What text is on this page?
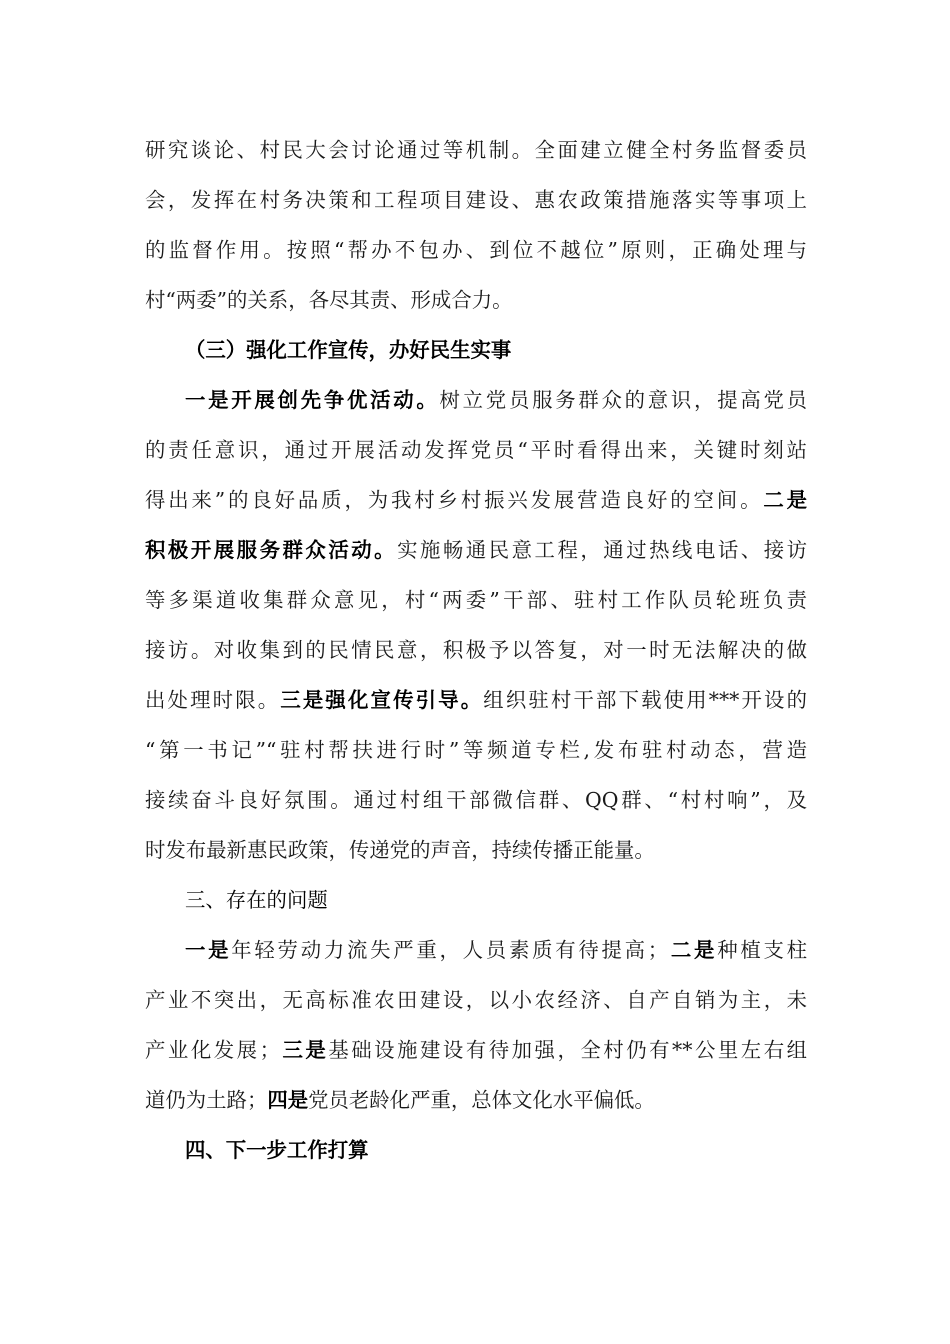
研究谈论、村民大会讨论通过等机制。全面建立健全村务监督委员
会，发挥在村务决策和工程项目建设、惠农政策措施落实等事项上
的监督作用。按照“帮办不包办、到位不越位”原则，正确处理与
村“两委”的关系，各尽其责、形成合力。
（三）强化工作宣传，办好民生实事
一是开展创先争优活动。树立党员服务群众的意识，提高党员
的责任意识，通过开展活动发挥党员“平时看得出来，关键时刻站
得出来”的良好品质，为我村乡村振兴发展营造良好的空间。二是
积极开展服务群众活动。实施畅通民意工程，通过热线电话、接访
等多渠道收集群众意见，村“两委”干部、驻村工作队员轮班负责
接访。对收集到的民情民意，积极予以答复，对一时无法解决的做
出处理时限。三是强化宣传引导。组织驻村干部下载使用***开设的
“第一书记”“驻村帮扶进行时”等频道专栏,发布驻村动态，营造
接续奋斗良好氛围。通过村组干部微信群、QQ群、“村村响”，及
时发布最新惠民政策，传递党的声音，持续传播正能量。
三、存在的问题
一是年轻劳动力流失严重，人员素质有待提高；二是种植支柱
产业不突出，无高标准农田建设，以小农经济、自产自销为主，未
产业化发展；三是基础设施建设有待加强，全村仍有**公里左右组
道仍为土路；四是党员老龄化严重，总体文化水平偏低。
四、下一步工作打算
